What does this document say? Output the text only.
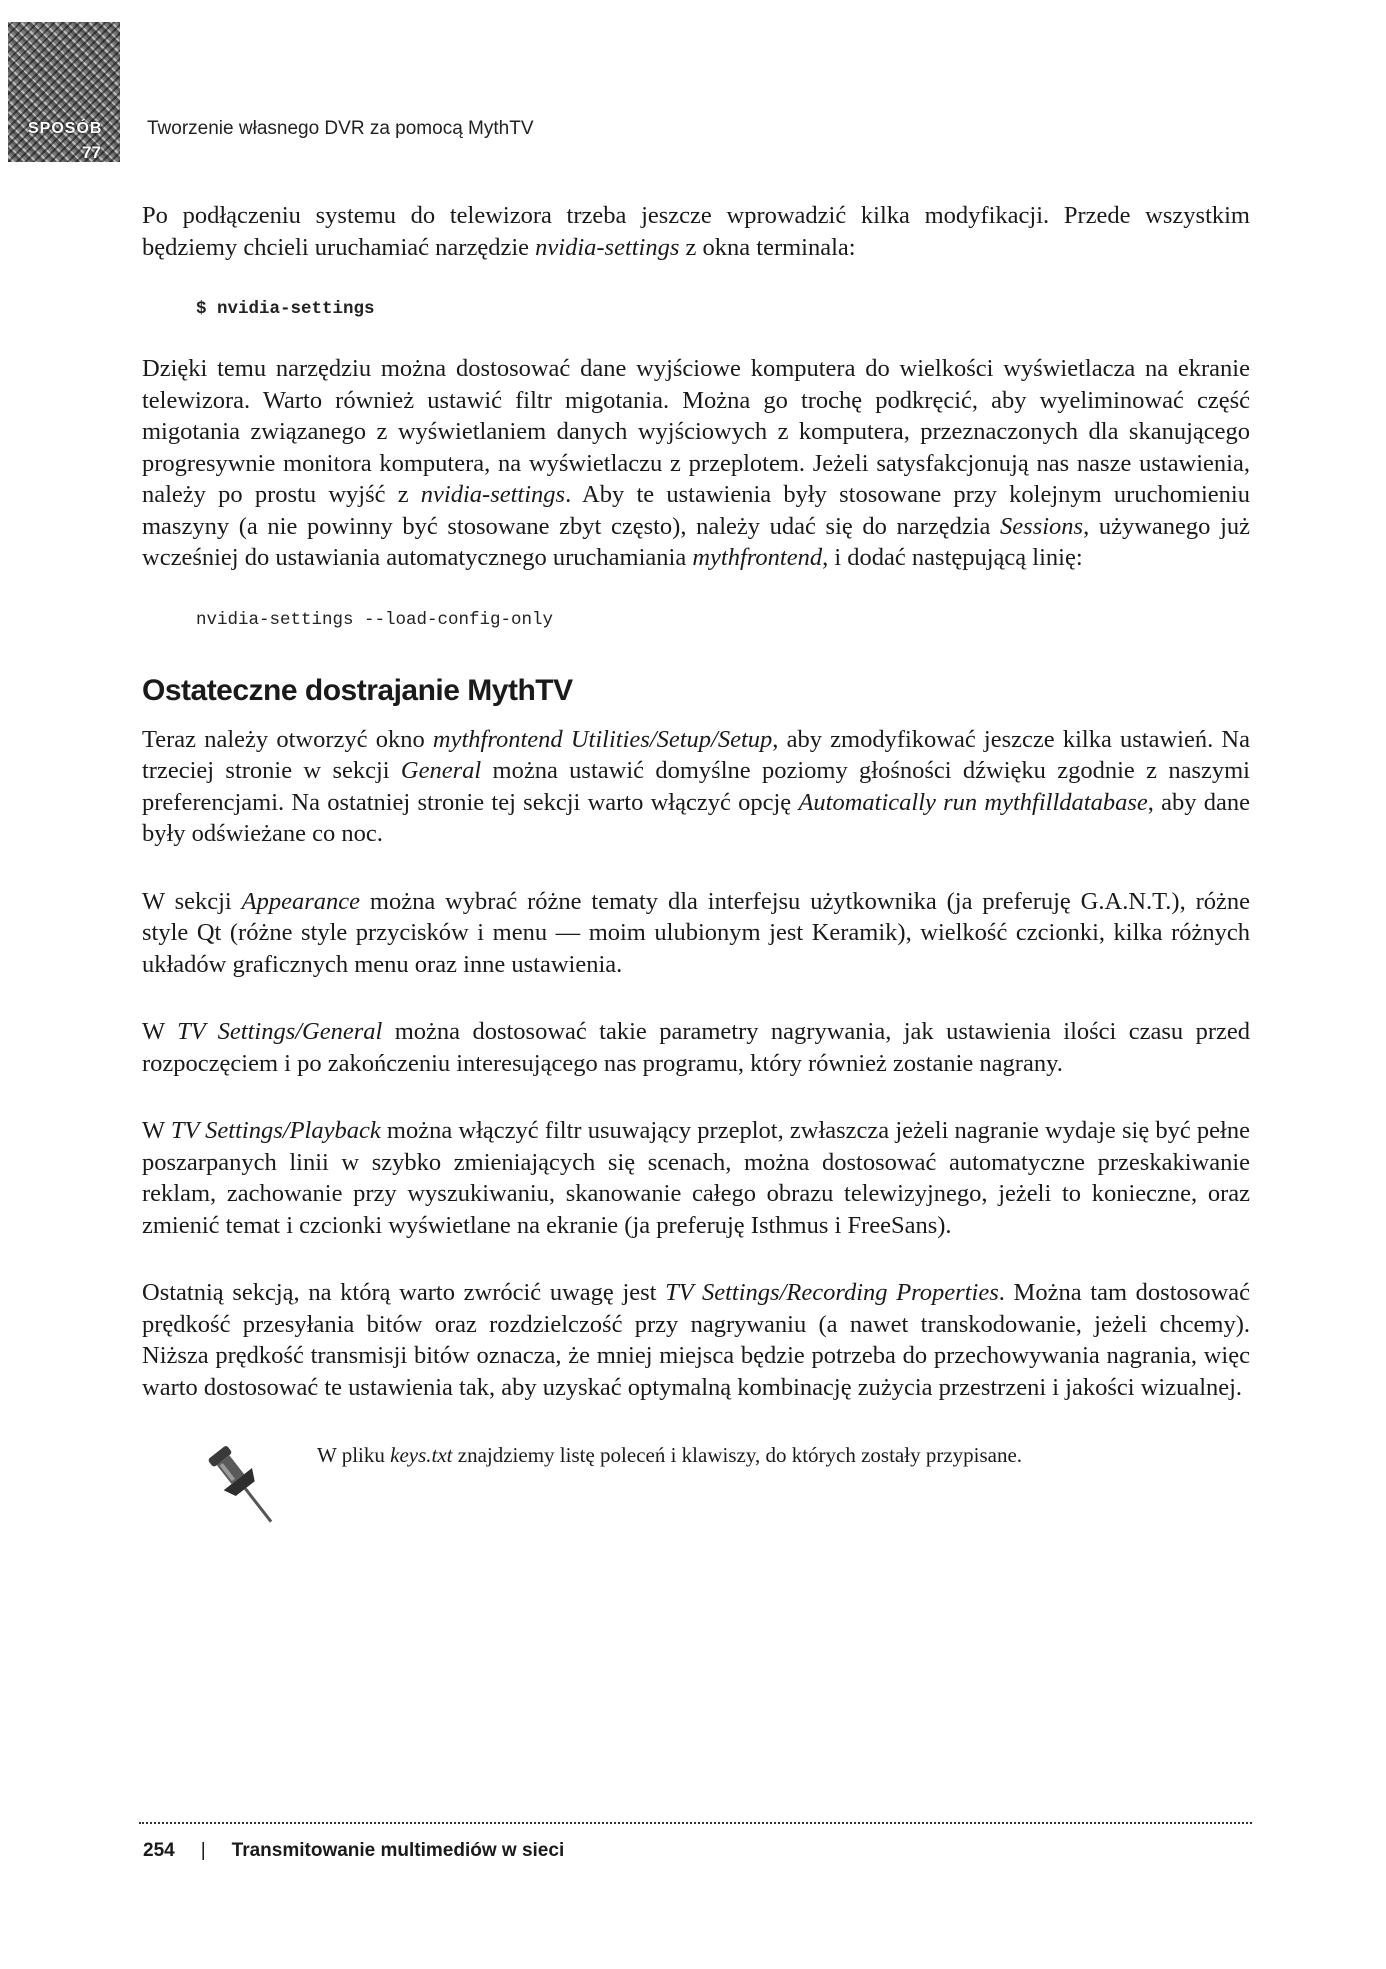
SPOSÓB
77
Tworzenie własnego DVR za pomocą MythTV

Po podłączeniu systemu do telewizora trzeba jeszcze wprowadzić kilka modyfikacji. Przede wszystkim będziemy chcieli uruchamiać narzędzie nvidia-settings z okna terminala:

$ nvidia-settings

Dzięki temu narzędziu można dostosować dane wyjściowe komputera do wielkości wyświetlacza na ekranie telewizora. Warto również ustawić filtr migotania. Można go trochę podkręcić, aby wyeliminować część migotania związanego z wyświetlaniem danych wyjściowych z komputera, przeznaczonych dla skanującego progresywnie monitora komputera, na wyświetlaczu z przeplotem. Jeżeli satysfakcjonują nas nasze ustawienia, należy po prostu wyjść z nvidia-settings. Aby te ustawienia były stosowane przy kolejnym uruchomieniu maszyny (a nie powinny być stosowane zbyt często), należy udać się do narzędzia Sessions, używanego już wcześniej do ustawiania automatycznego uruchamiania mythfrontend, i dodać następującą linię:

nvidia-settings --load-config-only
Ostateczne dostrajanie MythTV

Teraz należy otworzyć okno mythfrontend Utilities/Setup/Setup, aby zmodyfikować jeszcze kilka ustawień. Na trzeciej stronie w sekcji General można ustawić domyślne poziomy głośności dźwięku zgodnie z naszymi preferencjami. Na ostatniej stronie tej sekcji warto włączyć opcję Automatically run mythfilldatabase, aby dane były odświeżane co noc.

W sekcji Appearance można wybrać różne tematy dla interfejsu użytkownika (ja preferuję G.A.N.T.), różne style Qt (różne style przycisków i menu — moim ulubionym jest Keramik), wielkość czcionki, kilka różnych układów graficznych menu oraz inne ustawienia.

W TV Settings/General można dostosować takie parametry nagrywania, jak ustawienia ilości czasu przed rozpoczęciem i po zakończeniu interesującego nas programu, który również zostanie nagrany.

W TV Settings/Playback można włączyć filtr usuwający przeplot, zwłaszcza jeżeli nagranie wydaje się być pełne poszarpanych linii w szybko zmieniających się scenach, można dostosować automatyczne przeskakiwanie reklam, zachowanie przy wyszukiwaniu, skanowanie całego obrazu telewizyjnego, jeżeli to konieczne, oraz zmienić temat i czcionki wyświetlane na ekranie (ja preferuję Isthmus i FreeSans).

Ostatnią sekcją, na którą warto zwrócić uwagę jest TV Settings/Recording Properties. Można tam dostosować prędkość przesyłania bitów oraz rozdzielczość przy nagrywaniu (a nawet transkodowanie, jeżeli chcemy). Niższa prędkość transmisji bitów oznacza, że mniej miejsca będzie potrzeba do przechowywania nagrania, więc warto dostosować te ustawienia tak, aby uzyskać optymalną kombinację zużycia przestrzeni i jakości wizualnej.

W pliku keys.txt znajdziemy listę poleceń i klawiszy, do których zostały przypisane.
254 | Transmitowanie multimediów w sieci
